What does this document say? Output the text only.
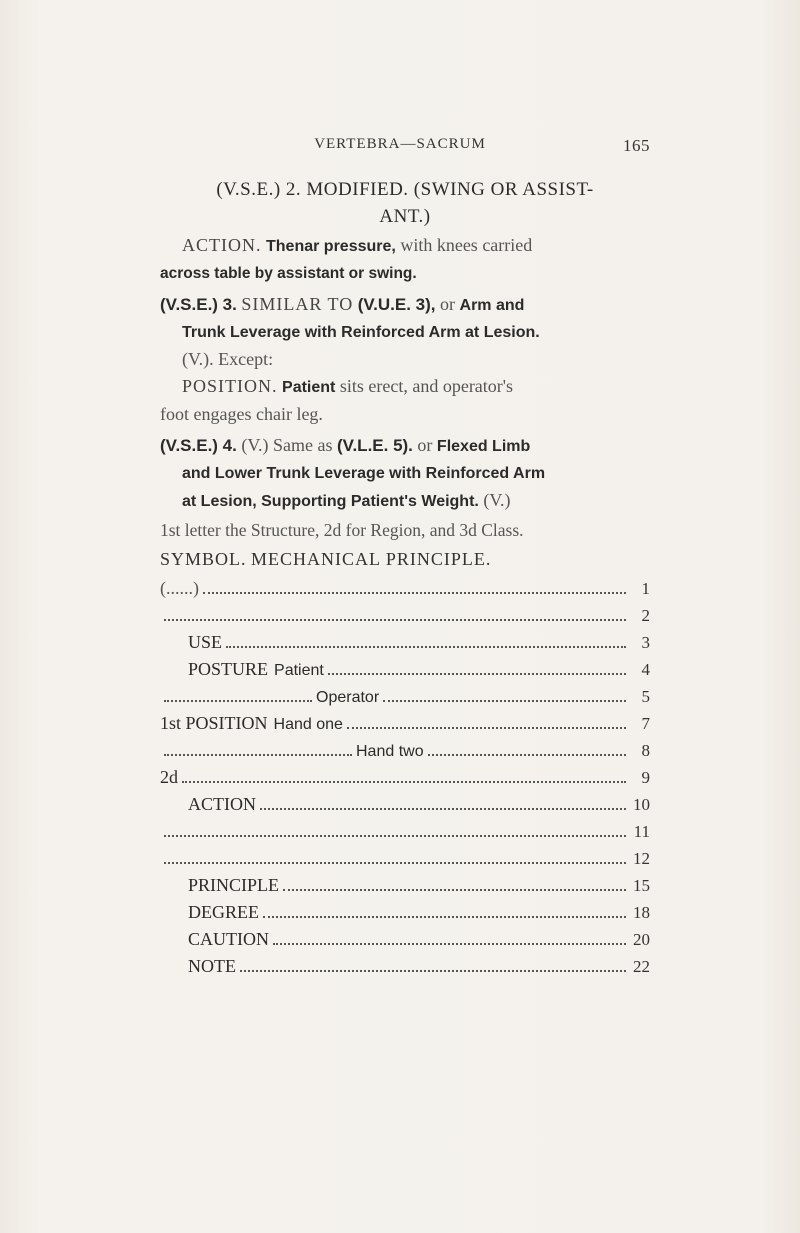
VERTEBRA—SACRUM	165

(V.S.E.) 2. MODIFIED. (SWING OR ASSIST-
ANT.)

ACTION. Thenar pressure, with knees carried

across table by assistant or swing.

(V.S.E.) 3. SIMILAR TO (V.U.E. 3), or Arm and

Trunk Leverage with Reinforced Arm at Lesion.

(V.). Except:

POSITION. Patient sits erect, and operator's

foot engages chair leg.

(V.S.E.) 4. (V.) Same as (V.L.E. 5). or Flexed Limb

and Lower Trunk Leverage with Reinforced Arm

at Lesion, Supporting Patient's Weight. (V.)

1st letter the Structure, 2d for Region, and 3d Class.

SYMBOL. MECHANICAL PRINCIPLE.

(......)	1
2
USE	3
POSTURE Patient	4
Operator	5
1st POSITION Hand one	7
Hand two	8
2d	9
ACTION	10
11
12
PRINCIPLE	15
DEGREE	18
CAUTION	20
NOTE	22
